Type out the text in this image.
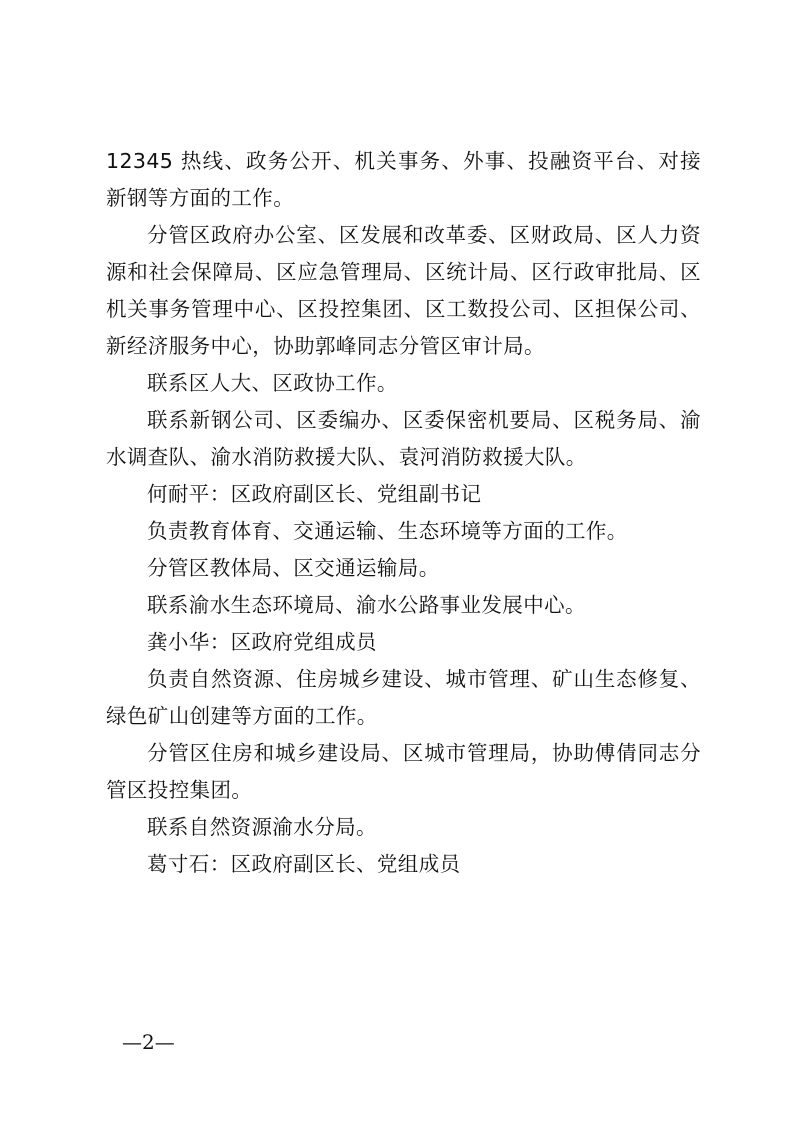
12345 热线、政务公开、机关事务、外事、投融资平台、对接新钢等方面的工作。

分管区政府办公室、区发展和改革委、区财政局、区人力资源和社会保障局、区应急管理局、区统计局、区行政审批局、区机关事务管理中心、区投控集团、区工数投公司、区担保公司、新经济服务中心，协助郭峰同志分管区审计局。

联系区人大、区政协工作。

联系新钢公司、区委编办、区委保密机要局、区税务局、渝水调查队、渝水消防救援大队、袁河消防救援大队。

何耐平：区政府副区长、党组副书记

负责教育体育、交通运输、生态环境等方面的工作。

分管区教体局、区交通运输局。

联系渝水生态环境局、渝水公路事业发展中心。

龚小华：区政府党组成员

负责自然资源、住房城乡建设、城市管理、矿山生态修复、绿色矿山创建等方面的工作。

分管区住房和城乡建设局、区城市管理局，协助傅倩同志分管区投控集团。

联系自然资源渝水分局。

葛寸石：区政府副区长、党组成员

—2—
